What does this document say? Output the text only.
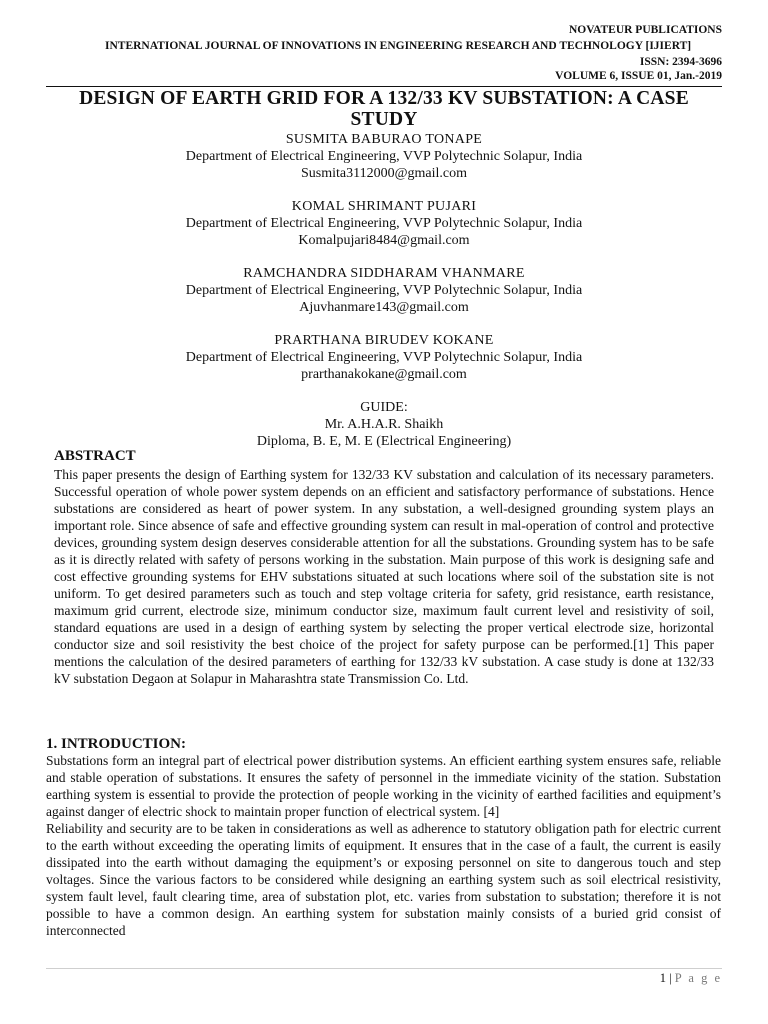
NOVATEUR PUBLICATIONS
INTERNATIONAL JOURNAL OF INNOVATIONS IN ENGINEERING RESEARCH AND TECHNOLOGY [IJIERT]
ISSN: 2394-3696
VOLUME 6, ISSUE 01, Jan.-2019
DESIGN OF EARTH GRID FOR A 132/33 KV SUBSTATION: A CASE STUDY
SUSMITA BABURAO TONAPE
Department of Electrical Engineering, VVP Polytechnic Solapur, India
Susmita3112000@gmail.com
KOMAL SHRIMANT PUJARI
Department of Electrical Engineering, VVP Polytechnic Solapur, India
Komalpujari8484@gmail.com
RAMCHANDRA SIDDHARAM VHANMARE
Department of Electrical Engineering, VVP Polytechnic Solapur, India
Ajuvhanmare143@gmail.com
PRARTHANA BIRUDEV KOKANE
Department of Electrical Engineering, VVP Polytechnic Solapur, India
prarthanakokane@gmail.com
GUIDE:
Mr. A.H.A.R. Shaikh
Diploma, B. E, M. E (Electrical Engineering)
ABSTRACT
This paper presents the design of Earthing system for 132/33 KV substation and calculation of its necessary parameters. Successful operation of whole power system depends on an efficient and satisfactory performance of substations. Hence substations are considered as heart of power system. In any substation, a well-designed grounding system plays an important role. Since absence of safe and effective grounding system can result in mal-operation of control and protective devices, grounding system design deserves considerable attention for all the substations. Grounding system has to be safe as it is directly related with safety of persons working in the substation. Main purpose of this work is designing safe and cost effective grounding systems for EHV substations situated at such locations where soil of the substation site is not uniform. To get desired parameters such as touch and step voltage criteria for safety, grid resistance, earth resistance, maximum grid current, electrode size, minimum conductor size, maximum fault current level and resistivity of soil, standard equations are used in a design of earthing system by selecting the proper vertical electrode size, horizontal conductor size and soil resistivity the best choice of the project for safety purpose can be performed.[1] This paper mentions the calculation of the desired parameters of earthing for 132/33 kV substation. A case study is done at 132/33 kV substation Degaon at Solapur in Maharashtra state Transmission Co. Ltd.
1. INTRODUCTION:

Substations form an integral part of electrical power distribution systems. An efficient earthing system ensures safe, reliable and stable operation of substations. It ensures the safety of personnel in the immediate vicinity of the station. Substation earthing system is essential to provide the protection of people working in the vicinity of earthed facilities and equipment’s against danger of electric shock to maintain proper function of electrical system. [4]

Reliability and security are to be taken in considerations as well as adherence to statutory obligation path for electric current to the earth without exceeding the operating limits of equipment. It ensures that in the case of a fault, the current is easily dissipated into the earth without damaging the equipment’s or exposing personnel on site to dangerous touch and step voltages. Since the various factors to be considered while designing an earthing system such as soil electrical resistivity, system fault level, fault clearing time, area of substation plot, etc. varies from substation to substation; therefore it is not possible to have a common design. An earthing system for substation mainly consists of a buried grid consist of interconnected

1 | P a g e
